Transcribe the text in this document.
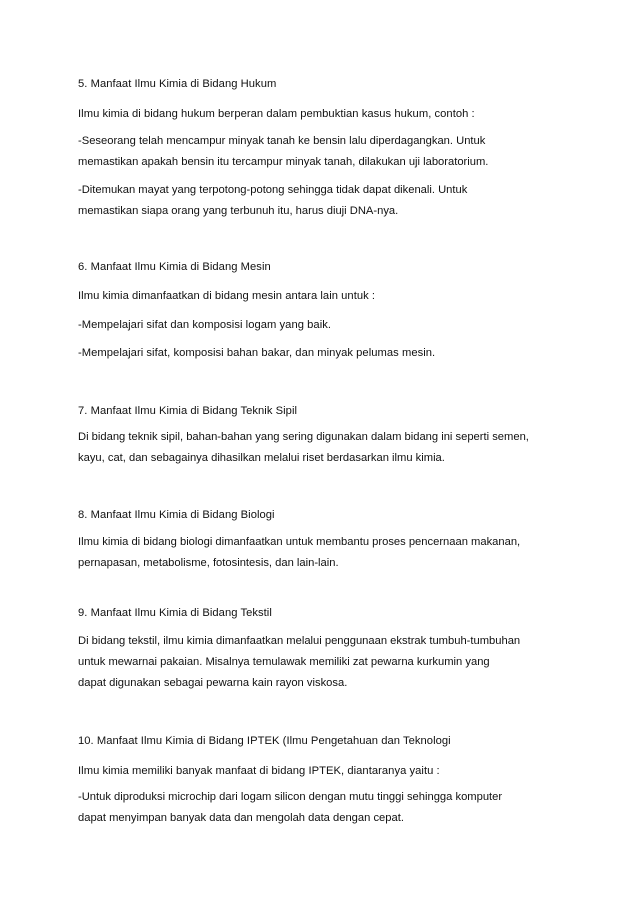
5. Manfaat Ilmu Kimia di Bidang Hukum
Ilmu kimia di bidang hukum berperan dalam pembuktian kasus hukum, contoh :

-Seseorang telah mencampur minyak tanah ke bensin lalu diperdagangkan. Untuk

memastikan apakah bensin itu tercampur minyak tanah, dilakukan uji laboratorium.

-Ditemukan mayat yang terpotong-potong sehingga tidak dapat dikenali. Untuk

memastikan siapa orang yang terbunuh itu, harus diuji DNA-nya.

6. Manfaat Ilmu Kimia di Bidang Mesin
Ilmu kimia dimanfaatkan di bidang mesin antara lain untuk :
-Mempelajari sifat dan komposisi logam yang baik.
-Mempelajari sifat, komposisi bahan bakar, dan minyak pelumas mesin.
7. Manfaat Ilmu Kimia di Bidang Teknik Sipil

Di bidang teknik sipil, bahan-bahan yang sering digunakan dalam bidang ini seperti semen,

kayu, cat, dan sebagainya dihasilkan melalui riset berdasarkan ilmu kimia.

8. Manfaat Ilmu Kimia di Bidang Biologi

Ilmu kimia di bidang biologi dimanfaatkan untuk membantu proses pencernaan makanan,

pernapasan, metabolisme, fotosintesis, dan lain-lain.

9. Manfaat Ilmu Kimia di Bidang Tekstil

Di bidang tekstil, ilmu kimia dimanfaatkan melalui penggunaan ekstrak tumbuh-tumbuhan

untuk mewarnai pakaian. Misalnya temulawak memiliki zat pewarna kurkumin yang

dapat digunakan sebagai pewarna kain rayon viskosa.

10. Manfaat Ilmu Kimia di Bidang IPTEK (Ilmu Pengetahuan dan Teknologi
Ilmu kimia memiliki banyak manfaat di bidang IPTEK, diantaranya yaitu :

-Untuk diproduksi microchip dari logam silicon dengan mutu tinggi sehingga komputer

dapat menyimpan banyak data dan mengolah data dengan cepat.
